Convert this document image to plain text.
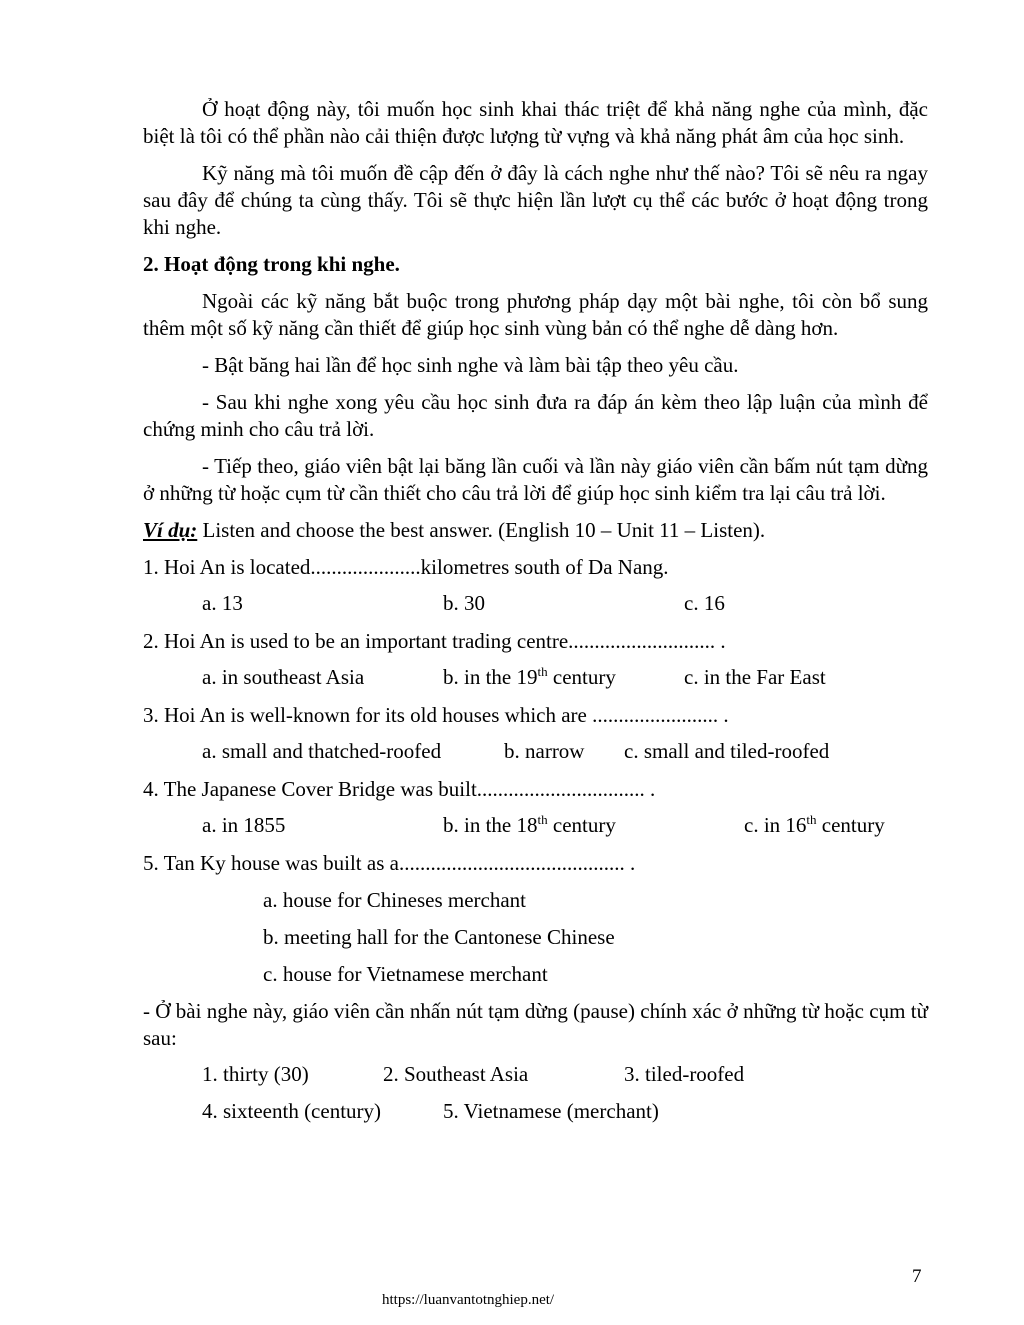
Ở hoạt động này, tôi muốn học sinh khai thác triệt để khả năng nghe của mình, đặc biệt là tôi có thể phần nào cải thiện được lượng từ vựng và khả năng phát âm của học sinh.

Kỹ năng mà tôi muốn đề cập đến ở đây là cách nghe như thế nào? Tôi sẽ nêu ra ngay sau đây để chúng ta cùng thấy. Tôi sẽ thực hiện lần lượt cụ thể các bước ở hoạt động trong khi nghe.

2. Hoạt động trong khi nghe.

Ngoài các kỹ năng bắt buộc trong phương pháp dạy một bài nghe, tôi còn bổ sung thêm một số kỹ năng cần thiết để giúp học sinh vùng bản có thể nghe dễ dàng hơn.

- Bật băng hai lần để học sinh nghe và làm bài tập theo yêu cầu.

- Sau khi nghe xong yêu cầu học sinh đưa ra đáp án kèm theo lập luận của mình để chứng minh cho câu trả lời.

- Tiếp theo, giáo viên bật lại băng lần cuối và lần này giáo viên cần bấm nút tạm dừng ở những từ hoặc cụm từ cần thiết cho câu trả lời để giúp học sinh kiểm tra lại câu trả lời.

Ví dụ: Listen and choose the best answer. (English 10 – Unit 11 – Listen).

1. Hoi An is located.....................kilometres south of Da Nang.

a. 13	b. 30	c. 16

2. Hoi An is used to be an important trading centre............................ .

a. in southeast Asia	b. in the 19th century	c. in the Far East

3. Hoi An is well-known for its old houses which are ........................ .

a. small and thatched-roofed	b. narrow c. small and tiled-roofed

4. The Japanese Cover Bridge was built................................ .

a. in 1855	b. in the 18th century	c. in 16th century

5. Tan Ky house was built as a........................................... .

a. house for Chineses merchant

b. meeting hall for the Cantonese Chinese

c. house for Vietnamese merchant

- Ở bài nghe này, giáo viên cần nhấn nút tạm dừng (pause) chính xác ở những từ hoặc cụm từ sau:

1. thirty (30)	2. Southeast Asia	3. tiled-roofed
4. sixteenth (century)	5. Vietnamese (merchant)
7
https://luanvantotnghiep.net/
